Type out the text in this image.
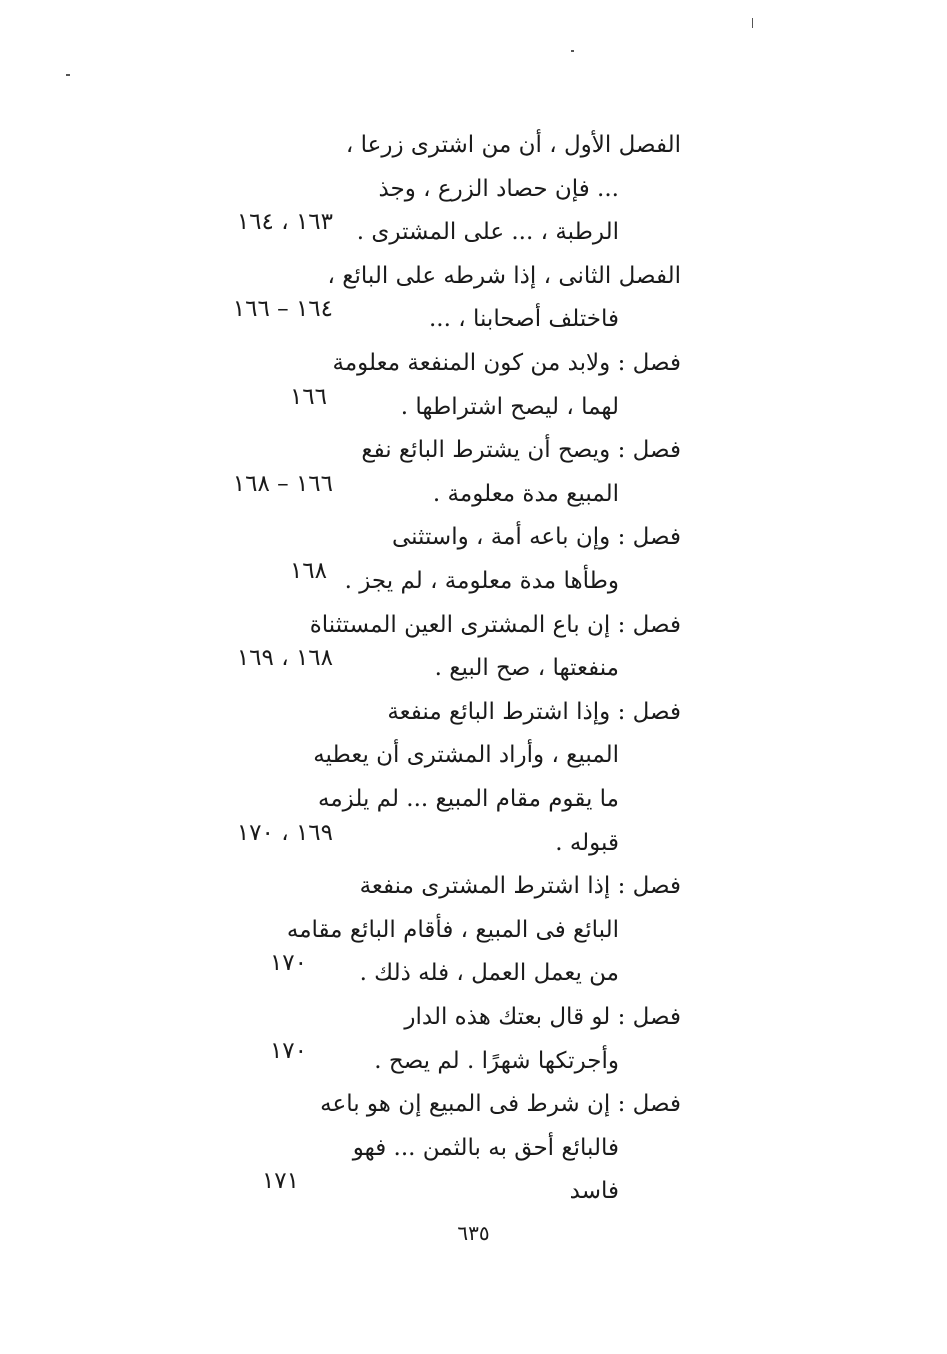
الفصل الأول ، أن من اشترى زرعا ،
... فإن حصاد الزرع ، وجذ
الرطبة ، ... على المشترى .
١٦٣ ، ١٦٤
الفصل الثانى ، إذا شرطه على البائع ،
فاختلف أصحابنا ، ...
١٦٤ – ١٦٦
فصل : ولابد من كون المنفعة معلومة
لهما ، ليصح اشتراطها .
١٦٦
فصل : ويصح أن يشترط البائع نفع
المبيع مدة معلومة .
١٦٦ – ١٦٨
فصل : وإن باعه أمة ، واستثنى
وطأها مدة معلومة ، لم يجز .
١٦٨
فصل : إن باع المشترى العين المستثناة
منفعتها ، صح البيع .
١٦٨ ، ١٦٩
فصل : وإذا اشترط البائع منفعة
المبيع ، وأراد المشترى أن يعطيه
ما يقوم مقام المبيع ... لم يلزمه
قبوله .
١٦٩ ، ١٧٠
فصل : إذا اشترط المشترى منفعة
البائع فى المبيع ، فأقام البائع مقامه
من يعمل العمل ، فله ذلك .
١٧٠
فصل : لو قال بعتك هذه الدار
وأجرتكها شهرًا . لم يصح .
١٧٠
فصل : إن شرط فى المبيع إن هو باعه
فالبائع أحق به بالثمن ... فهو
فاسد
١٧١
٦٣٥
